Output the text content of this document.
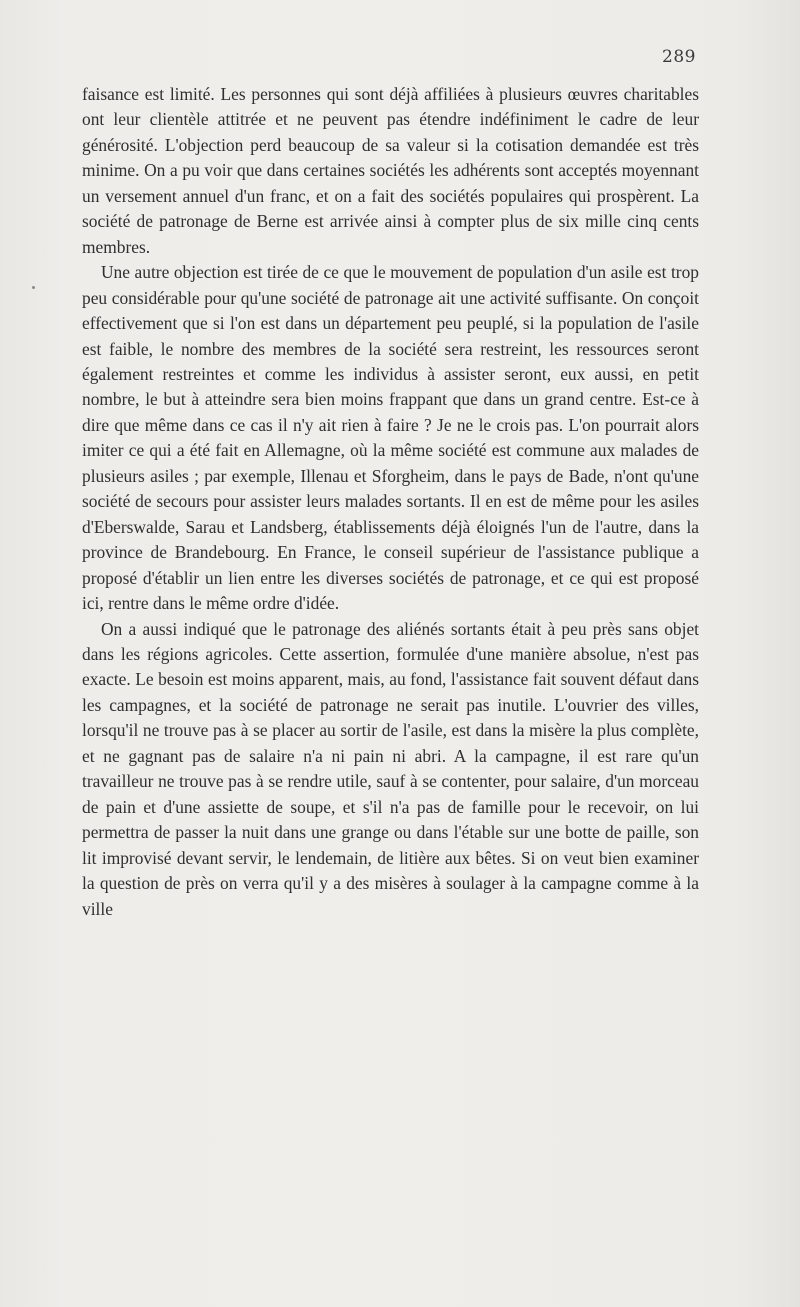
289

faisance est limité. Les personnes qui sont déjà affiliées à plusieurs œuvres charitables ont leur clientèle attitrée et ne peuvent pas étendre indéfiniment le cadre de leur générosité. L'objection perd beaucoup de sa valeur si la cotisation demandée est très minime. On a pu voir que dans certaines sociétés les adhérents sont acceptés moyennant un versement annuel d'un franc, et on a fait des sociétés populaires qui prospèrent. La société de patronage de Berne est arrivée ainsi à compter plus de six mille cinq cents membres.

Une autre objection est tirée de ce que le mouvement de population d'un asile est trop peu considérable pour qu'une société de patronage ait une activité suffisante. On conçoit effectivement que si l'on est dans un département peu peuplé, si la population de l'asile est faible, le nombre des membres de la société sera restreint, les ressources seront également restreintes et comme les individus à assister seront, eux aussi, en petit nombre, le but à atteindre sera bien moins frappant que dans un grand centre. Est-ce à dire que même dans ce cas il n'y ait rien à faire ? Je ne le crois pas. L'on pourrait alors imiter ce qui a été fait en Allemagne, où la même société est commune aux malades de plusieurs asiles ; par exemple, Illenau et Sforgheim, dans le pays de Bade, n'ont qu'une société de secours pour assister leurs malades sortants. Il en est de même pour les asiles d'Eberswalde, Sarau et Landsberg, établissements déjà éloignés l'un de l'autre, dans la province de Brandebourg. En France, le conseil supérieur de l'assistance publique a proposé d'établir un lien entre les diverses sociétés de patronage, et ce qui est proposé ici, rentre dans le même ordre d'idée.

On a aussi indiqué que le patronage des aliénés sortants était à peu près sans objet dans les régions agricoles. Cette assertion, formulée d'une manière absolue, n'est pas exacte. Le besoin est moins apparent, mais, au fond, l'assistance fait souvent défaut dans les campagnes, et la société de patronage ne serait pas inutile. L'ouvrier des villes, lorsqu'il ne trouve pas à se placer au sortir de l'asile, est dans la misère la plus complète, et ne gagnant pas de salaire n'a ni pain ni abri. A la campagne, il est rare qu'un travailleur ne trouve pas à se rendre utile, sauf à se contenter, pour salaire, d'un morceau de pain et d'une assiette de soupe, et s'il n'a pas de famille pour le recevoir, on lui permettra de passer la nuit dans une grange ou dans l'étable sur une botte de paille, son lit improvisé devant servir, le lendemain, de litière aux bêtes. Si on veut bien examiner la question de près on verra qu'il y a des misères à soulager à la campagne comme à la ville
